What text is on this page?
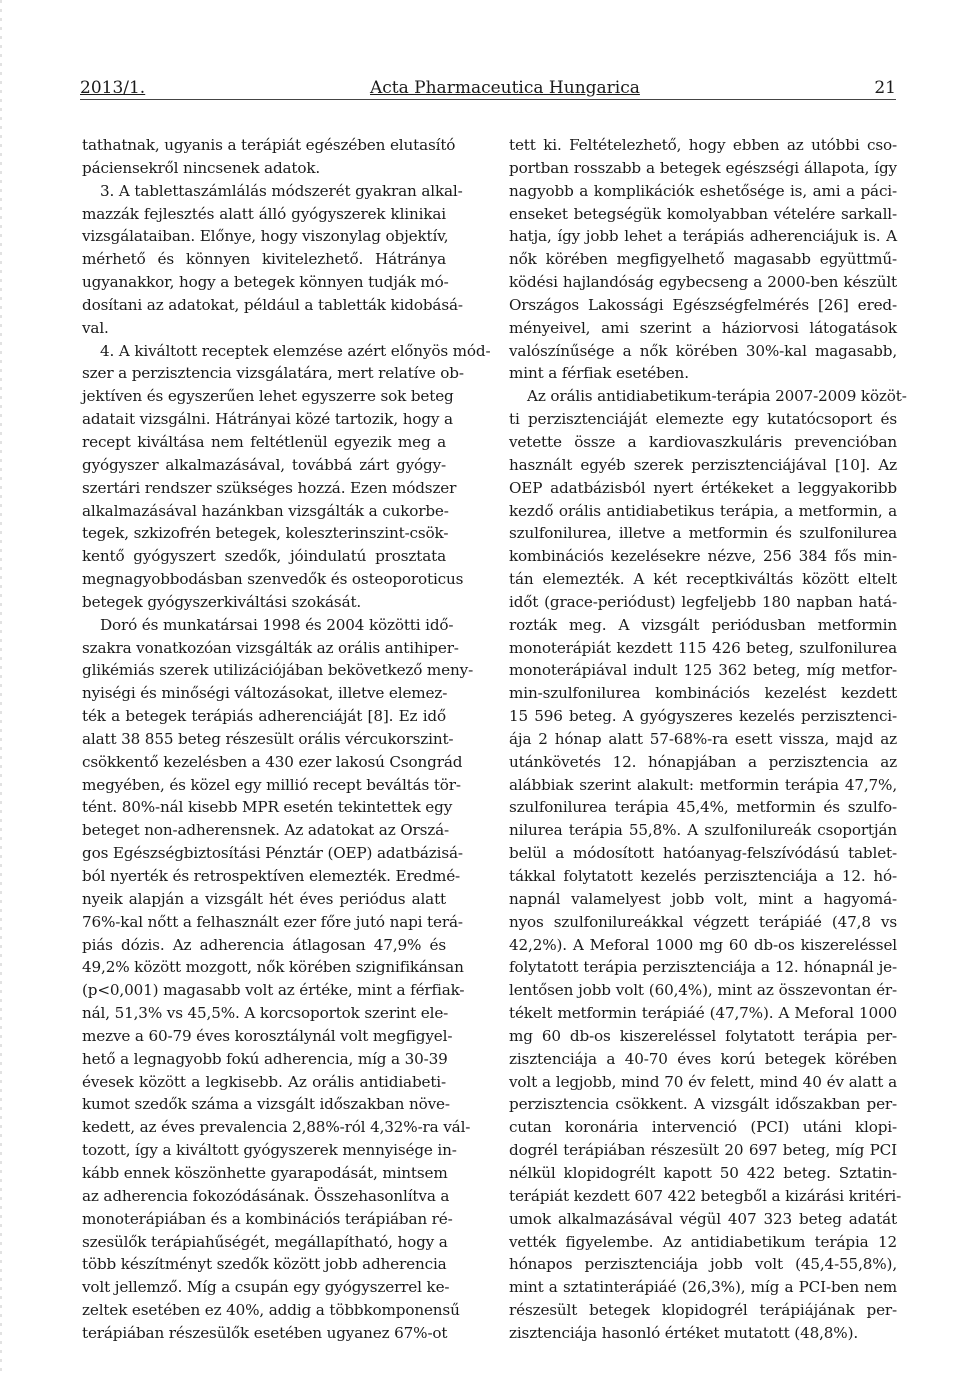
2013/1.	Acta Pharmaceutica Hungarica	21
tathatnak, ugyanis a terápiát egészében elutasító
páciensekről nincsenek adatok.
3. A tablettaszámlálás módszerét gyakran alkal-
mazzák fejlesztés alatt álló gyógyszerek klinikai
vizsgálataiban. Előnye, hogy viszonylag objektív,
mérhető és könnyen kivitelezhető. Hátránya
ugyanakkor, hogy a betegek könnyen tudják mó-
dosítani az adatokat, például a tabletták kidobásá-
val.
4. A kiváltott receptek elemzése azért előnyös mód-
szer a perzisztencia vizsgálatára, mert relatíve ob-
jektíven és egyszerűen lehet egyszerre sok beteg
adatait vizsgálni. Hátrányai közé tartozik, hogy a
recept kiváltása nem feltétlenül egyezik meg a
gyógyszer alkalmazásával, továbbá zárt gyógy-
szertári rendszer szükséges hozzá. Ezen módszer
alkalmazásával hazánkban vizsgálták a cukorbe-
tegek, szkizofrén betegek, koleszterinszint-csök-
kentő gyógyszert szedők, jóindulatú prosztata
megnagyobbodásban szenvedők és osteoporoticus
betegek gyógyszerkiváltási szokását.
Doró és munkatársai 1998 és 2004 közötti idő-
szakra vonatkozóan vizsgálták az orális antihiper-
glikémiás szerek utilizációjában bekövetkező meny-
nyiségi és minőségi változásokat, illetve elemez-
ték a betegek terápiás adherenciáját [8]. Ez idő
alatt 38 855 beteg részesült orális vércukorszint-
csökkentő kezelésben a 430 ezer lakosú Csongrád
megyében, és közel egy millió recept beváltás tör-
tént. 80%-nál kisebb MPR esetén tekintettek egy
beteget non-adherensnek. Az adatokat az Orszá-
gos Egészségbiztosítási Pénztár (OEP) adatbázisá-
ból nyerték és retrospektíven elemezték. Eredmé-
nyeik alapján a vizsgált hét éves periódus alatt
76%-kal nőtt a felhasznált ezer főre jutó napi terá-
piás dózis. Az adherencia átlagosan 47,9% és
49,2% között mozgott, nők körében szignifikánsan
(p<0,001) magasabb volt az értéke, mint a férfiak-
nál, 51,3% vs 45,5%. A korcsoportok szerint ele-
mezve a 60-79 éves korosztálynál volt megfigyel-
hető a legnagyobb fokú adherencia, míg a 30-39
évesek között a legkisebb. Az orális antidiabeti-
kumot szedők száma a vizsgált időszakban növe-
kedett, az éves prevalencia 2,88%-ról 4,32%-ra vál-
tozott, így a kiváltott gyógyszerek mennyisége in-
kább ennek köszönhette gyarapodását, mintsem
az adherencia fokozódásának. Összehasonlítva a
monoterápiában és a kombinációs terápiában ré-
szesülők terápiahűségét, megállapítható, hogy a
több készítményt szedők között jobb adherencia
volt jellemző. Míg a csupán egy gyógyszerrel ke-
zeltek esetében ez 40%, addig a többkomponensű
terápiában részesülők esetében ugyanez 67%-ot
tett ki. Feltételezhető, hogy ebben az utóbbi cso-
portban rosszabb a betegek egészségi állapota, így
nagyobb a komplikációk eshetősége is, ami a páci-
enseket betegségük komolyabban vételére sarkall-
hatja, így jobb lehet a terápiás adherenciájuk is. A
nők körében megfigyelhető magasabb együttmű-
ködési hajlandóság egybecseng a 2000-ben készült
Országos Lakossági Egészségfelmérés [26] ered-
ményeivel, ami szerint a háziorvosi látogatások
valószínűsége a nők körében 30%-kal magasabb,
mint a férfiak esetében.
Az orális antidiabetikum-terápia 2007-2009 közöt-
ti perzisztenciáját elemezte egy kutatócsoport és
vetette össze a kardiovaszkuláris prevencióban
használt egyéb szerek perzisztenciájával [10]. Az
OEP adatbázisból nyert értékeket a leggyakoribb
kezdő orális antidiabetikus terápia, a metformin, a
szulfonilurea, illetve a metformin és szulfonilurea
kombinációs kezelésekre nézve, 256 384 fős min-
tán elemezték. A két receptkiváltás között eltelt
időt (grace-periódust) legfeljebb 180 napban hatá-
rozták meg. A vizsgált periódusban metformin
monoterápiát kezdett 115 426 beteg, szulfonilurea
monoterápiával indult 125 362 beteg, míg metfor-
min-szulfonilurea kombinációs kezelést kezdett
15 596 beteg. A gyógyszeres kezelés perzisztenci-
ája 2 hónap alatt 57-68%-ra esett vissza, majd az
utánkövetés 12. hónapjában a perzisztencia az
alábbiak szerint alakult: metformin terápia 47,7%,
szulfonilurea terápia 45,4%, metformin és szulfo-
nilurea terápia 55,8%. A szulfonilureák csoportján
belül a módosított hatóanyag-felszívódású tablet-
tákkal folytatott kezelés perzisztenciája a 12. hó-
napnál valamelyest jobb volt, mint a hagyomá-
nyos szulfonilureákkal végzett terápiáé (47,8 vs
42,2%). A Meforal 1000 mg 60 db-os kiszereléssel
folytatott terápia perzisztenciája a 12. hónapnál je-
lentősen jobb volt (60,4%), mint az összevontan ér-
tékelt metformin terápiáé (47,7%). A Meforal 1000
mg 60 db-os kiszereléssel folytatott terápia per-
zisztenciája a 40-70 éves korú betegek körében
volt a legjobb, mind 70 év felett, mind 40 év alatt a
perzisztencia csökkent. A vizsgált időszakban per-
cutan koronária intervenció (PCI) utáni klopi-
dogrél terápiában részesült 20 697 beteg, míg PCI
nélkül klopidogrélt kapott 50 422 beteg. Sztatin-
terápiát kezdett 607 422 betegből a kizárási kritéri-
umok alkalmazásával végül 407 323 beteg adatát
vették figyelembe. Az antidiabetikum terápia 12
hónapos perzisztenciája jobb volt (45,4-55,8%),
mint a sztatinterápiáé (26,3%), míg a PCI-ben nem
részesült betegek klopidogrél terápiájának per-
zisztenciája hasonló értéket mutatott (48,8%).
